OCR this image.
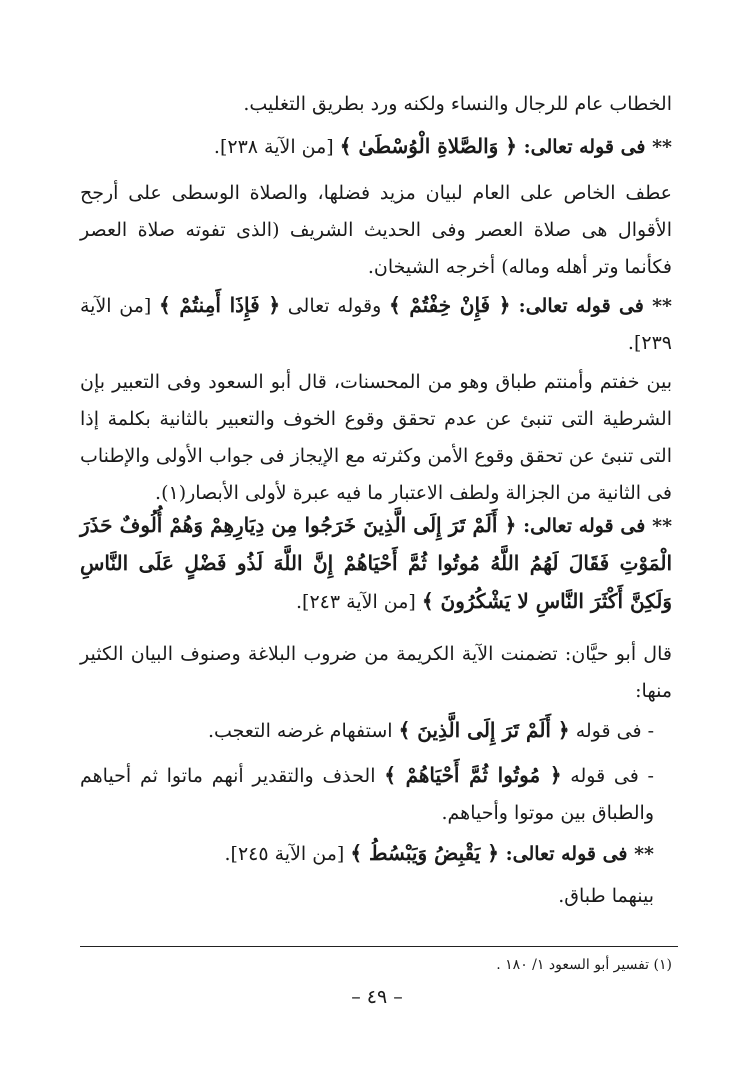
الخطاب عام للرجال والنساء ولكنه ورد بطريق التغليب.

** فى قوله تعالى: ﴿ وَالصَّلاةِ الْوُسْطَىٰ ﴾ [من الآية ٢٣٨].

عطف الخاص على العام لبيان مزيد فضلها، والصلاة الوسطى على أرجح الأقوال هى صلاة العصر وفى الحديث الشريف (الذى تفوته صلاة العصر فكأنما وتر أهله وماله) أخرجه الشيخان.

** فى قوله تعالى: ﴿ فَإِنْ خِفْتُمْ ﴾ وقوله تعالى ﴿ فَإِذَا أَمِنتُمْ ﴾ [من الآية ٢٣٩].

بين خفتم وأمنتم طباق وهو من المحسنات، قال أبو السعود وفى التعبير بإن الشرطية التى تنبئ عن عدم تحقق وقوع الخوف والتعبير بالثانية بكلمة إذا التى تنبئ عن تحقق وقوع الأمن وكثرته مع الإيجاز فى جواب الأولى والإطناب فى الثانية من الجزالة ولطف الاعتبار ما فيه عبرة لأولى الأبصار(١).

** فى قوله تعالى: ﴿ أَلَمْ تَرَ إِلَى الَّذِينَ خَرَجُوا مِن دِيَارِهِمْ وَهُمْ أُلُوفٌ حَذَرَ الْمَوْتِ فَقَالَ لَهُمُ اللَّهُ مُوتُوا ثُمَّ أَحْيَاهُمْ إِنَّ اللَّهَ لَذُو فَضْلٍ عَلَى النَّاسِ وَلَكِنَّ أَكْثَرَ النَّاسِ لا يَشْكُرُونَ ﴾ [من الآية ٢٤٣].

قال أبو حيَّان: تضمنت الآية الكريمة من ضروب البلاغة وصنوف البيان الكثير منها:

- فى قوله ﴿ أَلَمْ تَرَ إِلَى الَّذِينَ ﴾ استفهام غرضه التعجب.

- فى قوله ﴿ مُوتُوا ثُمَّ أَحْيَاهُمْ ﴾ الحذف والتقدير أنهم ماتوا ثم أحياهم والطباق بين موتوا وأحياهم.

** فى قوله تعالى: ﴿ يَقْبِضُ وَيَبْسُطُ ﴾ [من الآية ٢٤٥].

بينهما طباق.

(١) تفسير أبو السعود ١/ ١٨٠ .

– ٤٩ –
